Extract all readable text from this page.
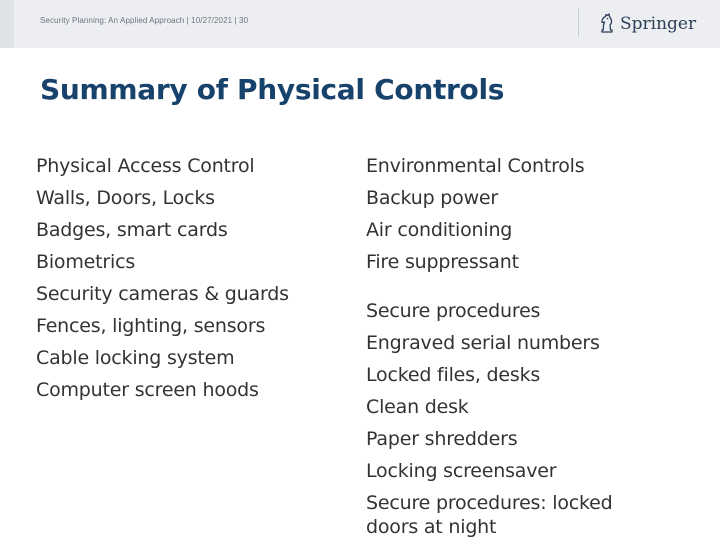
Security Planning: An Applied Approach | 10/27/2021 | 30	Springer
Summary of Physical Controls
Physical Access Control
Walls, Doors, Locks
Badges, smart cards
Biometrics
Security cameras & guards
Fences, lighting, sensors
Cable locking system
Computer screen hoods
Environmental Controls
Backup power
Air conditioning
Fire suppressant
Secure procedures
Engraved serial numbers
Locked files, desks
Clean desk
Paper shredders
Locking screensaver
Secure procedures: locked doors at night
